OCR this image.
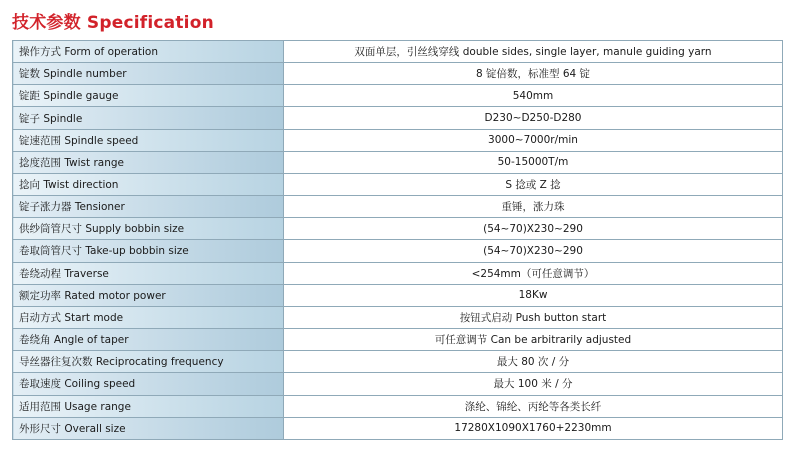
技术参数 Specification
操作方式 Form of operation	双面单层，引丝线穿线 double sides, single layer, manule guiding yarn
锭数 Spindle number	8 锭倍数，标准型 64 锭
锭距 Spindle gauge	540mm
锭子 Spindle	D230~D250-D280
锭速范围 Spindle speed	3000~7000r/min
捻度范围 Twist range	50-15000T/m
捻向 Twist direction	S 捻或 Z 捻
锭子涨力器 Tensioner	重锤，涨力珠
供纱筒管尺寸 Supply bobbin size	(54~70)X230~290
卷取筒管尺寸 Take-up bobbin size	(54~70)X230~290
卷绕动程 Traverse	<254mm（可任意调节）
额定功率 Rated motor power	18Kw
启动方式 Start mode	按钮式启动 Push button start
卷绕角 Angle of taper	可任意调节 Can be arbitrarily adjusted
导丝器往复次数 Reciprocating frequency	最大 80 次 / 分
卷取速度 Coiling speed	最大 100 米 / 分
适用范围 Usage range	涤纶、锦纶、丙纶等各类长纤
外形尺寸 Overall size	17280X1090X1760+2230mm
